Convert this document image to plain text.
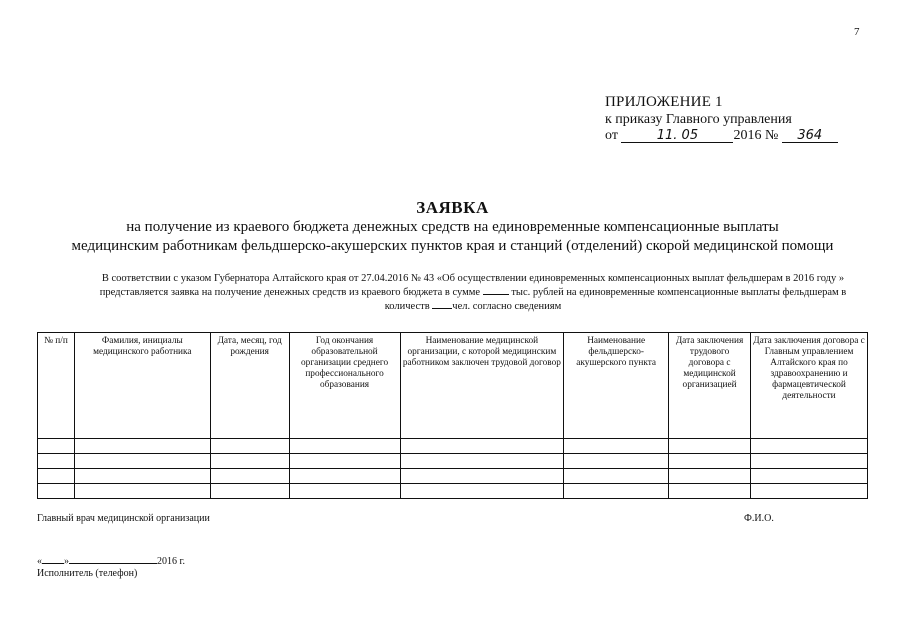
7
ПРИЛОЖЕНИЕ 1
к приказу Главного управления
от	11. 05	2016 № 364
ЗАЯВКА
на получение из краевого бюджета денежных средств на единовременные компенсационные выплаты
медицинским работникам фельдшерско-акушерских пунктов края и станций (отделений) скорой медицинской помощи
В соответствии с указом Губернатора Алтайского края от 27.04.2016 № 43 «Об осуществлении единовременных компенсационных выплат фельдшерам в 2016 году » представляется заявка на получение денежных средств из краевого бюджета в сумме	тыс. рублей на единовременные компенсационные выплаты фельдшерам в количеств чел. согласно сведениям
№ п/п	Фамилия, инициалы медицинского работника	Дата, месяц, год рождения	Год окончания образовательной организации среднего профессионального образования	Наименование медицинской организации, с которой медицинским работником заключен трудовой договор	Наименование фельдшерско-акушерского пункта	Дата заключения трудового договора с медицинской организацией	Дата заключения договора с Главным управлением Алтайского края по здравоохранению и фармацевтической деятельности

Главный врач медицинской организации	Ф.И.О.
« »	2016 г.
Исполнитель (телефон)
